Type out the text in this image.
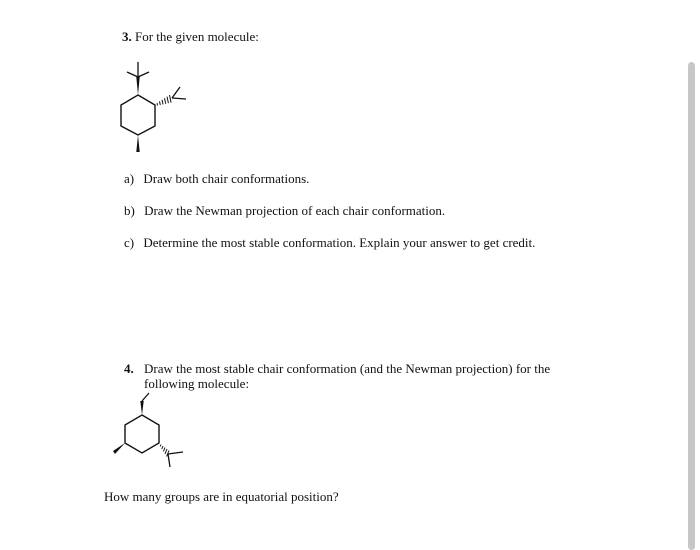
3. For the given molecule:
a) Draw both chair conformations.
b) Draw the Newman projection of each chair conformation.
c) Determine the most stable conformation. Explain your answer to get credit.
4. Draw the most stable chair conformation (and the Newman projection) for the following molecule:
How many groups are in equatorial position?
